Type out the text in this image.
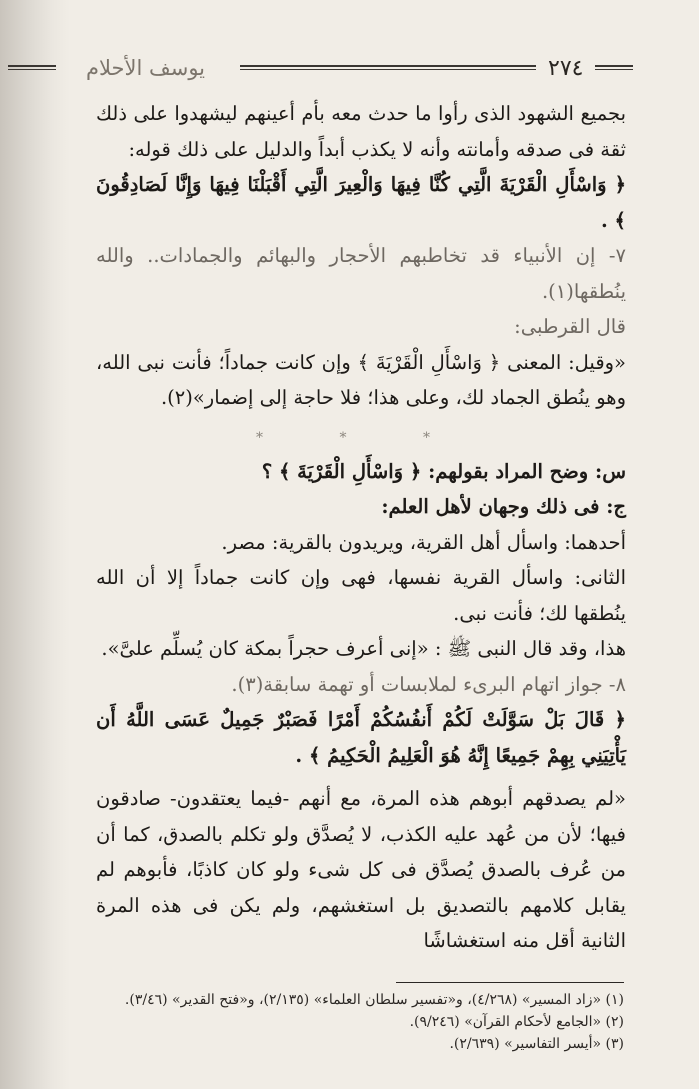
يوسف الأحلام	٢٧٤

بجميع الشهود الذى رأوا ما حدث معه بأم أعينهم ليشهدوا على ذلك ثقة فى صدقه وأمانته وأنه لا يكذب أبداً والدليل على ذلك قوله:

﴿ وَاسْأَلِ الْقَرْيَةَ الَّتِي كُنَّا فِيهَا وَالْعِيرَ الَّتِي أَقْبَلْنَا فِيهَا وَإِنَّا لَصَادِقُونَ ﴾ .

٧- إن الأنبياء قد تخاطبهم الأحجار والبهائم والجمادات.. والله ينُطقها(١).

قال القرطبى:

«وقيل: المعنى ﴿ وَاسْأَلِ الْقَرْيَةَ ﴾ وإن كانت جماداً؛ فأنت نبى الله، وهو ينُطق الجماد لك، وعلى هذا؛ فلا حاجة إلى إضمار»(٢).

* * *

س: وضح المراد بقولهم: ﴿ وَاسْأَلِ الْقَرْيَةَ ﴾ ؟

ج: فى ذلك وجهان لأهل العلم:

أحدهما: واسأل أهل القرية، ويريدون بالقرية: مصر.

الثانى: واسأل القرية نفسها، فهى وإن كانت جماداً إلا أن الله ينُطقها لك؛ فأنت نبى.

هذا، وقد قال النبى ﷺ : «إنى أعرف حجراً بمكة كان يُسلِّم علىَّ».

٨- جواز اتهام البرىء لملابسات أو تهمة سابقة(٣).

﴿ قَالَ بَلْ سَوَّلَتْ لَكُمْ أَنفُسُكُمْ أَمْرًا فَصَبْرٌ جَمِيلٌ عَسَى اللَّهُ أَن يَأْتِيَنِي بِهِمْ جَمِيعًا إِنَّهُ هُوَ الْعَلِيمُ الْحَكِيمُ ﴾ .

«لم يصدقهم أبوهم هذه المرة، مع أنهم -فيما يعتقدون- صادقون فيها؛ لأن من عُهد عليه الكذب، لا يُصدَّق ولو تكلم بالصدق، كما أن من عُرف بالصدق يُصدَّق فى كل شىء ولو كان كاذبًا، فأبوهم لم يقابل كلامهم بالتصديق بل استغشهم، ولم يكن فى هذه المرة الثانية أقل منه استغشاشًا

(١) «زاد المسير» (٤/٢٦٨)، و«تفسير سلطان العلماء» (٢/١٣٥)، و«فتح القدير» (٣/٤٦).

(٢) «الجامع لأحكام القرآن» (٩/٢٤٦).

(٣) «أيسر التفاسير» (٢/٦٣٩).
